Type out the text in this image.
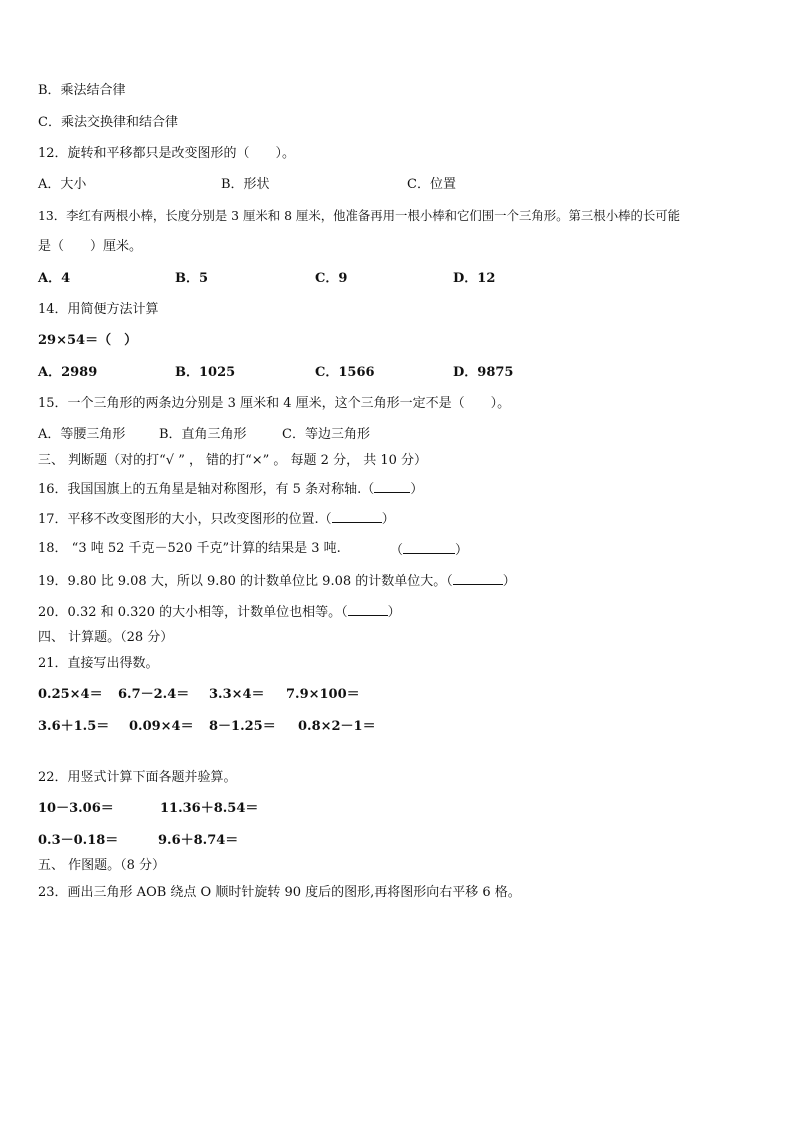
B．乘法结合律
C．乘法交换律和结合律
12．旋转和平移都只是改变图形的（　　）。
A．大小	B．形状	C．位置
13．李红有两根小棒，长度分别是 3 厘米和 8 厘米，他准备再用一根小棒和它们围一个三角形。第三根小棒的长可能
是（　　）厘米。
A．4	B．5	C．9	D．12
14．用简便方法计算
29×54＝（　）
A．2989	B．1025	C．1566	D．9875
15．一个三角形的两条边分别是 3 厘米和 4 厘米，这个三角形一定不是（　　）。
A．等腰三角形	B．直角三角形	C．等边三角形
三、 判断题（对的打“√ ” ， 错的打“×” 。 每题 2 分， 共 10 分）
16．我国国旗上的五角星是轴对称图形，有 5 条对称轴.（	）
17．平移不改变图形的大小，只改变图形的位置.（	）
18． “3 吨 52 千克－520 千克”计算的结果是 3 吨.	（	）
19．9.80 比 9.08 大，所以 9.80 的计数单位比 9.08 的计数单位大。（	）
20．0.32 和 0.320 的大小相等，计数单位也相等。（	）
四、 计算题。（28 分）
21．直接写出得数。
0.25×4＝ 6.7－2.4＝ 3.3×4＝ 7.9×100＝
3.6＋1.5＝ 0.09×4＝ 8－1.25＝ 0.8×2－1＝
22．用竖式计算下面各题并验算。
10－3.06＝	11.36＋8.54＝
0.3－0.18＝	9.6＋8.74＝
五、 作图题。（8 分）
23．画出三角形 AOB 绕点 O 顺时针旋转 90 度后的图形,再将图形向右平移 6 格。
